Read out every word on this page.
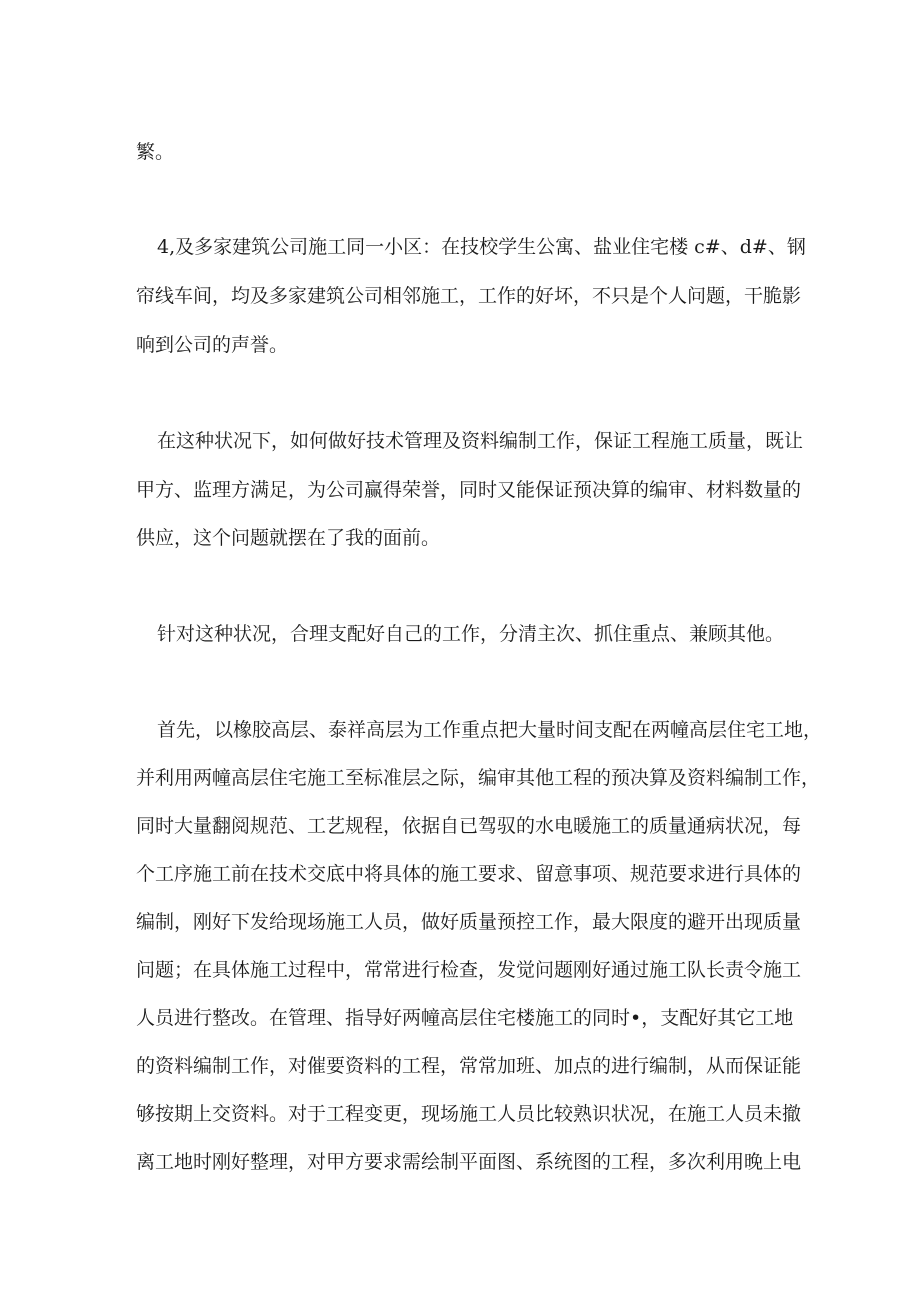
繁。
4,及多家建筑公司施工同一小区：在技校学生公寓、盐业住宅楼 c#、d#、钢
帘线车间，均及多家建筑公司相邻施工，工作的好坏，不只是个人问题，干脆影
响到公司的声誉。
在这种状况下，如何做好技术管理及资料编制工作，保证工程施工质量，既让
甲方、监理方满足，为公司赢得荣誉，同时又能保证预决算的编审、材料数量的
供应，这个问题就摆在了我的面前。
针对这种状况，合理支配好自己的工作，分清主次、抓住重点、兼顾其他。
首先，以橡胶高层、泰祥高层为工作重点把大量时间支配在两幢高层住宅工地，
并利用两幢高层住宅施工至标准层之际，编审其他工程的预决算及资料编制工作，
同时大量翻阅规范、工艺规程，依据自已驾驭的水电暖施工的质量通病状况，每
个工序施工前在技术交底中将具体的施工要求、留意事项、规范要求进行具体的
编制，刚好下发给现场施工人员，做好质量预控工作，最大限度的避开出现质量
问题；在具体施工过程中，常常进行检查，发觉问题刚好通过施工队长责令施工
人员进行整改。在管理、指导好两幢高层住宅楼施工的同时•，支配好其它工地
的资料编制工作，对催要资料的工程，常常加班、加点的进行编制，从而保证能
够按期上交资料。对于工程变更，现场施工人员比较熟识状况，在施工人员未撤
离工地时刚好整理，对甲方要求需绘制平面图、系统图的工程，多次利用晚上电
